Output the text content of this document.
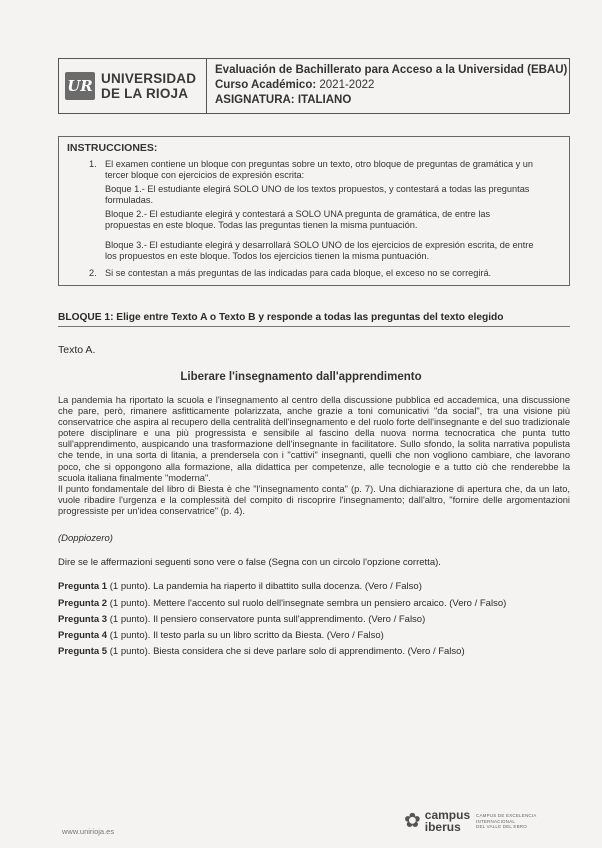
UR UNIVERSIDAD
DE LA RIOJA
Evaluación de Bachillerato para Acceso a la Universidad (EBAU)
Curso Académico: 2021-2022
ASIGNATURA: ITALIANO
INSTRUCCIONES:
1. El examen contiene un bloque con preguntas sobre un texto, otro bloque de preguntas de gramática y un tercer bloque con ejercicios de expresión escrita:
Boque 1.- El estudiante elegirá SOLO UNO de los textos propuestos, y contestará a todas las preguntas formuladas.
Bloque 2.- El estudiante elegirá y contestará a SOLO UNA pregunta de gramática, de entre las propuestas en este bloque. Todas las preguntas tienen la misma puntuación.
Bloque 3.- El estudiante elegirá y desarrollará SOLO UNO de los ejercicios de expresión escrita, de entre los propuestos en este bloque. Todos los ejercicios tienen la misma puntuación.
2. Si se contestan a más preguntas de las indicadas para cada bloque, el exceso no se corregirá.
BLOQUE 1: Elige entre Texto A o Texto B y responde a todas las preguntas del texto elegido
Texto A.
Liberare l'insegnamento dall'apprendimento

La pandemia ha riportato la scuola e l'insegnamento al centro della discussione pubblica ed accademica, una discussione che pare, però, rimanere asfitticamente polarizzata, anche grazie a toni comunicativi "da social", tra una visione più conservatrice che aspira al recupero della centralità dell'insegnamento e del ruolo forte dell'insegnante e del suo tradizionale potere disciplinare e una più progressista e sensibile al fascino della nuova norma tecnocratica che punta tutto sull'apprendimento, auspicando una trasformazione dell'insegnante in facilitatore. Sullo sfondo, la solita narrativa populista che tende, in una sorta di litania, a prendersela con i "cattivi" insegnanti, quelli che non vogliono cambiare, che lavorano poco, che si oppongono alla formazione, alla didattica per competenze, alle tecnologie e a tutto ciò che renderebbe la scuola italiana finalmente "moderna".

Il punto fondamentale del libro di Biesta è che "l'insegnamento conta" (p. 7). Una dichiarazione di apertura che, da un lato, vuole ribadire l'urgenza e la complessità del compito di riscoprire l'insegnamento; dall'altro, "fornire delle argomentazioni progressiste per un'idea conservatrice" (p. 4).

(Doppiozero)
Dire se le affermazioni seguenti sono vere o false (Segna con un circolo l'opzione corretta).
Pregunta 1 (1 punto). La pandemia ha riaperto il dibattito sulla docenza. (Vero / Falso)
Pregunta 2 (1 punto). Mettere l'accento sul ruolo dell'insegnate sembra un pensiero arcaico. (Vero / Falso)
Pregunta 3 (1 punto). Il pensiero conservatore punta sull'apprendimento. (Vero / Falso)
Pregunta 4 (1 punto). Il testo parla su un libro scritto da Biesta. (Vero / Falso)
Pregunta 5 (1 punto). Biesta considera che si deve parlare solo di apprendimento. (Vero / Falso)
www.unirioja.es	✿ campus
iberus
CAMPUS DE EXCELENCIA
INTERNACIONAL
DEL VALLE DEL EBRO
